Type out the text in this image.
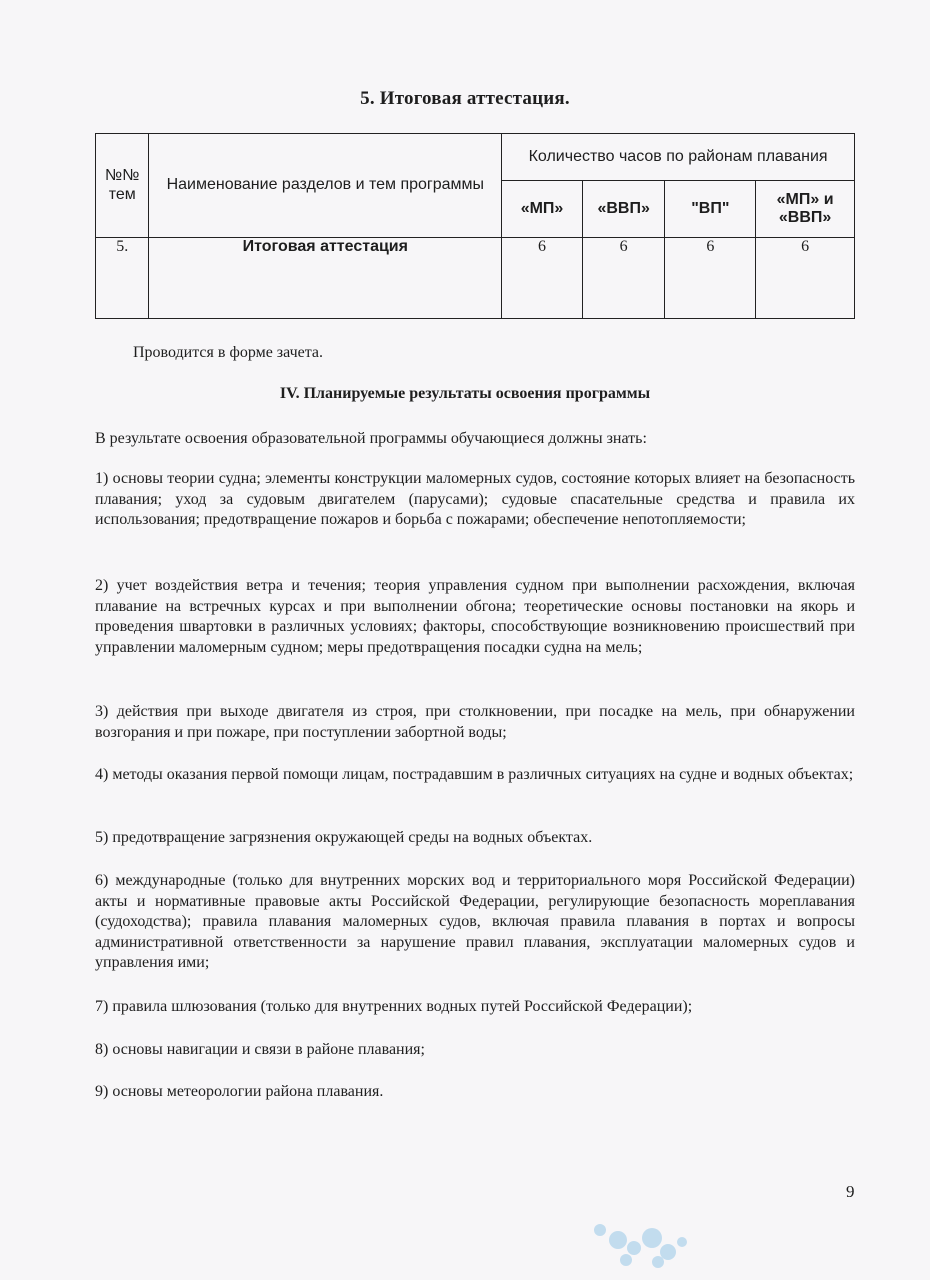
5. Итоговая аттестация.
№№ тем	Наименование разделов и тем программы	Количество часов по районам плавания			
		«МП»	«ВВП»	"ВП"	«МП» и «ВВП»
5.	Итоговая аттестация	6	6	6	6
Проводится в форме зачета.
IV. Планируемые результаты освоения программы
В результате освоения образовательной программы обучающиеся должны знать:
1) основы теории судна; элементы конструкции маломерных судов, состояние которых влияет на безопасность плавания; уход за судовым двигателем (парусами); судовые спасательные средства и правила их использования; предотвращение пожаров и борьба с пожарами; обеспечение непотопляемости;
2) учет воздействия ветра и течения; теория управления судном при выполнении расхождения, включая плавание на встречных курсах и при выполнении обгона; теоретические основы постановки на якорь и проведения швартовки в различных условиях; факторы, способствующие возникновению происшествий при управлении маломерным судном; меры предотвращения посадки судна на мель;
3) действия при выходе двигателя из строя, при столкновении, при посадке на мель, при обнаружении возгорания и при пожаре, при поступлении забортной воды;
4) методы оказания первой помощи лицам, пострадавшим в различных ситуациях на судне и водных объектах;
5) предотвращение загрязнения окружающей среды на водных объектах.
6) международные (только для внутренних морских вод и территориального моря Российской Федерации) акты и нормативные правовые акты Российской Федерации, регулирующие безопасность мореплавания (судоходства); правила плавания маломерных судов, включая правила плавания в портах и вопросы административной ответственности за нарушение правил плавания, эксплуатации маломерных судов и управления ими;
7) правила шлюзования (только для внутренних водных путей Российской Федерации);
8) основы навигации и связи в районе плавания;
9) основы метеорологии района плавания.
9
